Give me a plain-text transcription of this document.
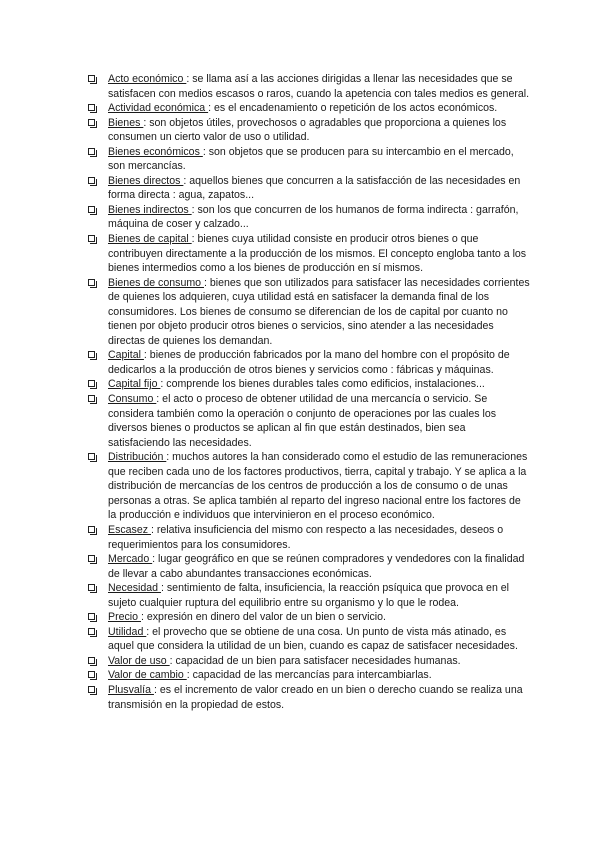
Acto económico : se llama así a las acciones dirigidas a llenar las necesidades que se satisfacen con medios escasos o raros, cuando la apetencia con tales medios es general.
Actividad económica : es el encadenamiento o repetición de los actos económicos.
Bienes : son objetos útiles, provechosos o agradables que proporciona a quienes los consumen un cierto valor de uso o utilidad.
Bienes económicos : son objetos que se producen para su intercambio en el mercado, son mercancías.
Bienes directos : aquellos bienes que concurren a la satisfacción de las necesidades en forma directa : agua, zapatos...
Bienes indirectos : son los que concurren de los humanos de forma indirecta : garrafón, máquina de coser y calzado...
Bienes de capital : bienes cuya utilidad consiste en producir otros bienes o que contribuyen directamente a la producción de los mismos. El concepto engloba tanto a los bienes intermedios como a los bienes de producción en sí mismos.
Bienes de consumo : bienes que son utilizados para satisfacer las necesidades corrientes de quienes los adquieren, cuya utilidad está en satisfacer la demanda final de los consumidores. Los bienes de consumo se diferencian de los de capital por cuanto no tienen por objeto producir otros bienes o servicios, sino atender a las necesidades directas de quienes los demandan.
Capital : bienes de producción fabricados por la mano del hombre con el propósito de dedicarlos a la producción de otros bienes y servicios como : fábricas y máquinas.
Capital fijo : comprende los bienes durables tales como edificios, instalaciones...
Consumo : el acto o proceso de obtener utilidad de una mercancía o servicio. Se considera también como la operación o conjunto de operaciones por las cuales los diversos bienes o productos se aplican al fin que están destinados, bien sea satisfaciendo las necesidades.
Distribución : muchos autores la han considerado como el estudio de las remuneraciones que reciben cada uno de los factores productivos, tierra, capital y trabajo. Y se aplica a la distribución de mercancías de los centros de producción a los de consumo o de unas personas a otras. Se aplica también al reparto del ingreso nacional entre los factores de la producción e individuos que intervinieron en el proceso económico.
Escasez : relativa insuficiencia del mismo con respecto a las necesidades, deseos o requerimientos para los consumidores.
Mercado : lugar geográfico en que se reúnen compradores y vendedores con la finalidad de llevar a cabo abundantes transacciones económicas.
Necesidad : sentimiento de falta, insuficiencia, la reacción psíquica que provoca en el sujeto cualquier ruptura del equilibrio entre su organismo y lo que le rodea.
Precio : expresión en dinero del valor de un bien o servicio.
Utilidad : el provecho que se obtiene de una cosa. Un punto de vista más atinado, es aquel que considera la utilidad de un bien, cuando es capaz de satisfacer necesidades.
Valor de uso : capacidad de un bien para satisfacer necesidades humanas.
Valor de cambio : capacidad de las mercancías para intercambiarlas.
Plusvalía : es el incremento de valor creado en un bien o derecho cuando se realiza una transmisión en la propiedad de estos.
